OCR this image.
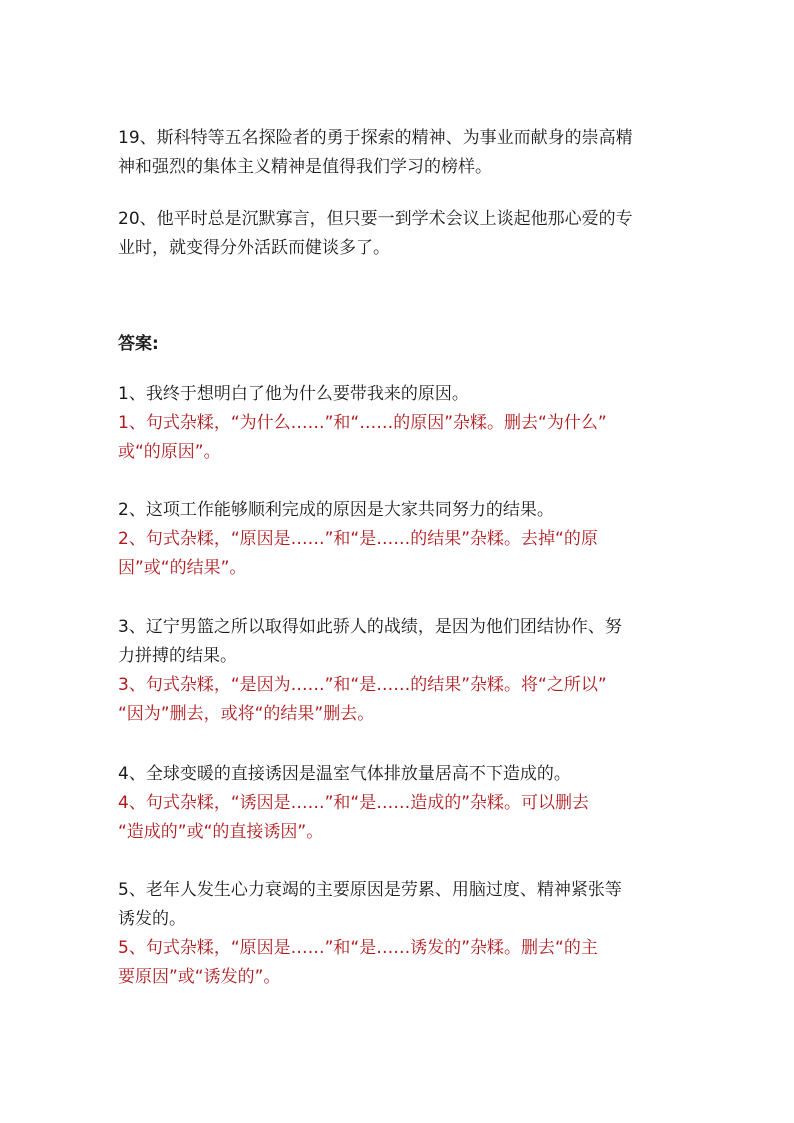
19、斯科特等五名探险者的勇于探索的精神、为事业而献身的崇高精
神和强烈的集体主义精神是值得我们学习的榜样。
20、他平时总是沉默寡言，但只要一到学术会议上谈起他那心爱的专
业时，就变得分外活跃而健谈多了。
答案:
1、我终于想明白了他为什么要带我来的原因。
1、句式杂糅，“为什么……”和“……的原因”杂糅。删去“为什么”
或“的原因”。
2、这项工作能够顺利完成的原因是大家共同努力的结果。
2、句式杂糅，“原因是……”和“是……的结果”杂糅。去掉“的原
因”或“的结果”。
3、辽宁男篮之所以取得如此骄人的战绩，是因为他们团结协作、努
力拼搏的结果。
3、句式杂糅，“是因为……”和“是……的结果”杂糅。将“之所以”
“因为”删去，或将“的结果”删去。
4、全球变暖的直接诱因是温室气体排放量居高不下造成的。
4、句式杂糅，“诱因是……”和“是……造成的”杂糅。可以删去
“造成的”或“的直接诱因”。
5、老年人发生心力衰竭的主要原因是劳累、用脑过度、精神紧张等
诱发的。
5、句式杂糅，“原因是……”和“是……诱发的”杂糅。删去“的主
要原因”或“诱发的”。
